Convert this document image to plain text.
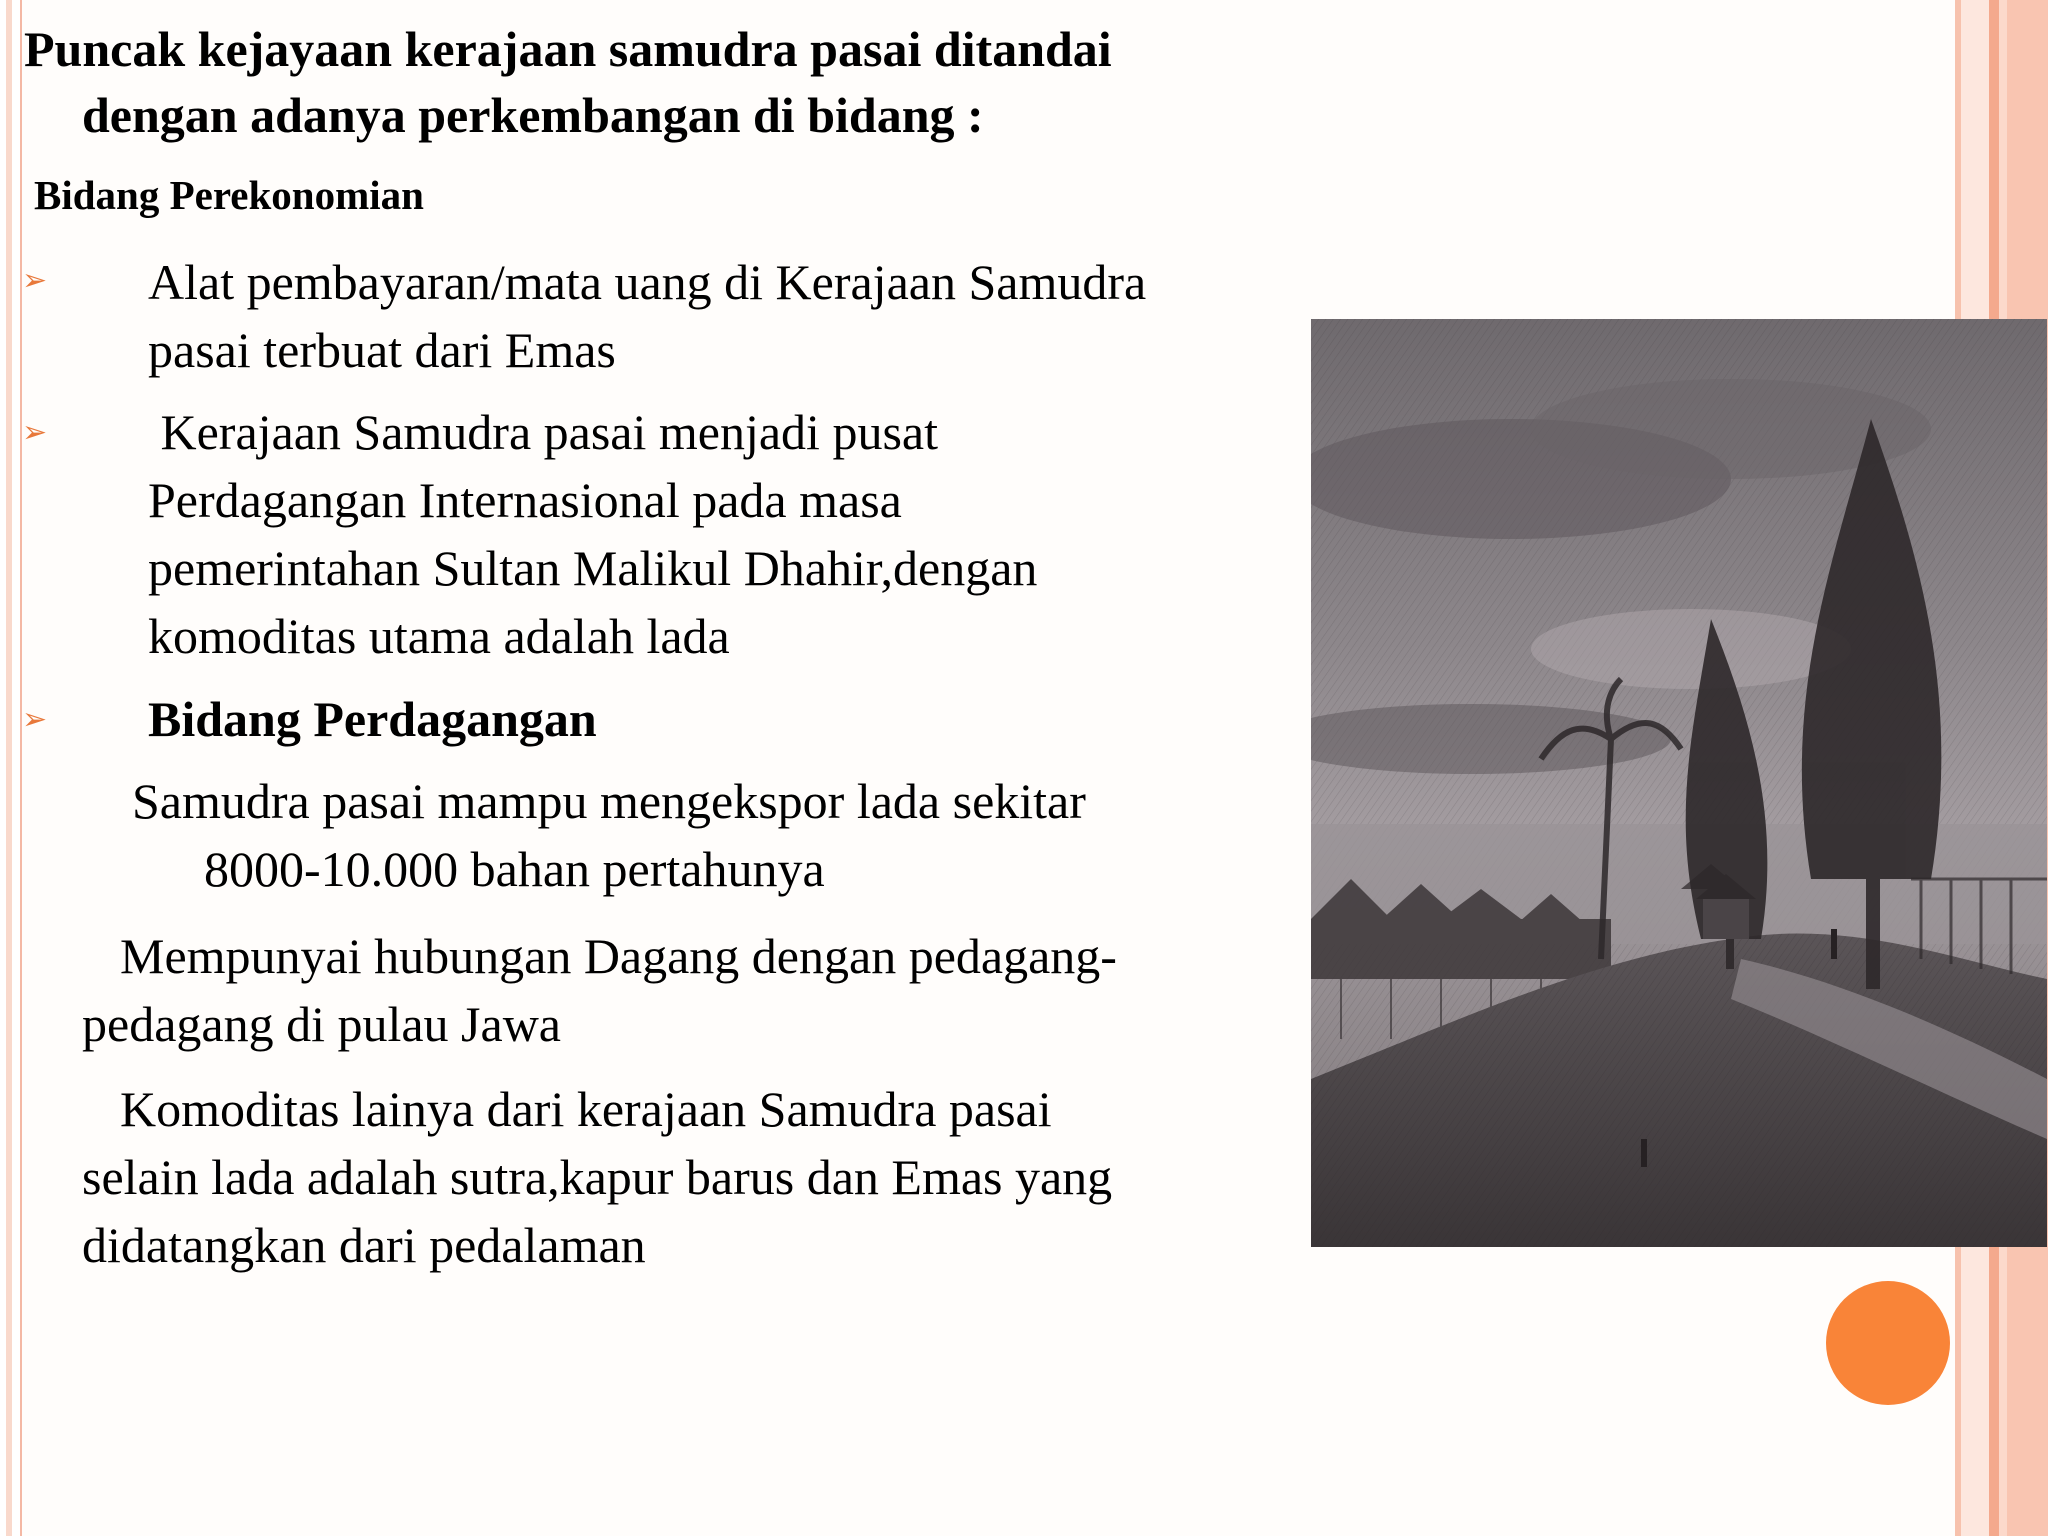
Puncak kejayaan kerajaan samudra pasai ditandai
dengan adanya perkembangan di bidang :
Bidang Perekonomian
➢ Alat pembayaran/mata uang di Kerajaan Samudra
pasai terbuat dari Emas
➢ Kerajaan Samudra pasai menjadi pusat
Perdagangan Internasional pada masa
pemerintahan Sultan Malikul Dhahir,dengan
komoditas utama adalah lada
➢ Bidang Perdagangan
Samudra pasai mampu mengekspor lada sekitar
8000-10.000 bahan pertahunya
Mempunyai hubungan Dagang dengan pedagang-
pedagang di pulau Jawa
Komoditas lainya dari kerajaan Samudra pasai
selain lada adalah sutra,kapur barus dan Emas yang
didatangkan dari pedalaman
